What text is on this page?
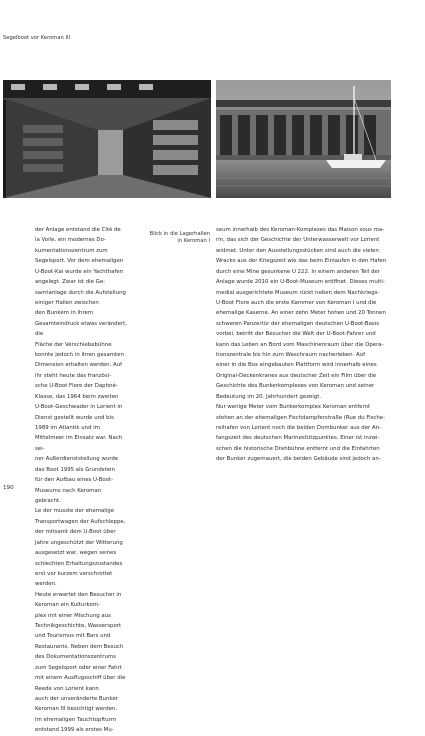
Segelboot vor Keroman III
Blick in die Lagerhallen
in Keroman I

der Anlage entstand die Cité de la Voile, ein modernes Do-
kumentationszentrum zum Segelsport. Vor dem ehemaligen
U-Boot-Kai wurde ein Yachthafen angelegt. Zwar ist die Ge-
samtanlage durch die Aufstellung einiger Hallen zwischen
den Bunkern in ihrem Gesamteindruck etwas verändert, die
Fläche der Verschiebebühne konnte jedoch in ihren gesamten
Dimension erhalten werden. Auf ihr steht heute das französi-
sche U-Boot Flore der Daphné-Klasse, das 1964 beim zweiten
U-Boot-Geschwader in Lorient in Dienst gestellt wurde und bis
1989 im Atlantik und im Mittelmeer im Einsatz war. Nach sei-
ner Außerdienststellung wurde das Boot 1995 als Grundstein
für den Aufbau eines U-Boot-Museums nach Keroman gebracht.
Le der musste der ehemalige Transportwagen der Aufschleppe,
der mitsamt dem U-Boot über Jahre ungeschützt der Witterung
ausgesetzt war, wegen seines schlechten Erhaltungszustandes
erst vor kurzem verschrottet werden.

Heute erwartet den Besucher in Keroman ein Kulturkom-
plex mit einer Mischung aus Technikgeschichte, Wassersport
und Tourismus mit Bars und Restaurants. Neben dem Besuch
des Dokumentationszentrums zum Segelsport oder einer Fahrt
mit einem Ausflugsschiff über die Reede von Lorient kann
auch der unveränderte Bunker Keroman III besichtigt werden.
Im ehemaligen Tauchtopfturm entstand 1999 als erstes Mu-

seum innerhalb des Keroman-Komplexes das Maison sous ma-
rin, das sich der Geschichte der Unterwasserwelt vor Lorient
widmet. Unter den Ausstellungsstücken sind auch die vielen
Wracks aus der Kriegszeit wie das beim Einlaufen in den Hafen
durch eine Mine gesunkene U 222. In einem anderen Teil der
Anlage wurde 2010 ein U-Boot-Museum eröffnet. Dieses multi-
medial ausgerichtete Museum rückt neben dem Nachkriegs-
U-Boot Flore auch die erste Kammer von Keroman I und die
ehemalige Kaserne. An einer zehn Meter hohen und 20 Tonnen
schweren Panzertür der ehemaligen deutschen U-Boot-Basis
vorbei, betritt der Besucher die Welt der U-Boot-Fahrer und
kann das Leben an Bord vom Maschinenraum über die Opera-
tionszentrale bis hin zum Waschraum nacherleben. Auf
einer in die Box eingebauten Plattform wird innerhalb eines
Original-Deckenkranes aus deutscher Zeit ein Film über die
Geschichte des Bunkerkomplexes von Keroman und seiner
Bedeutung im 20. Jahrhundert gezeigt.

Nur wenige Meter vom Bunkerkomplex Keroman entfernt
stehen an der ehemaligen Fischdampferstraße (Rue du Fische-
reihafen von Lorient noch die beiden Dombunker aus der An-
fangszeit des deutschen Marinestützpunktes. Einer ist inzwi-
schen die historische Drehbühne entfernt und die Einfahrten
der Bunker zugemauert, die beiden Gebäude sind jedoch an-

190
